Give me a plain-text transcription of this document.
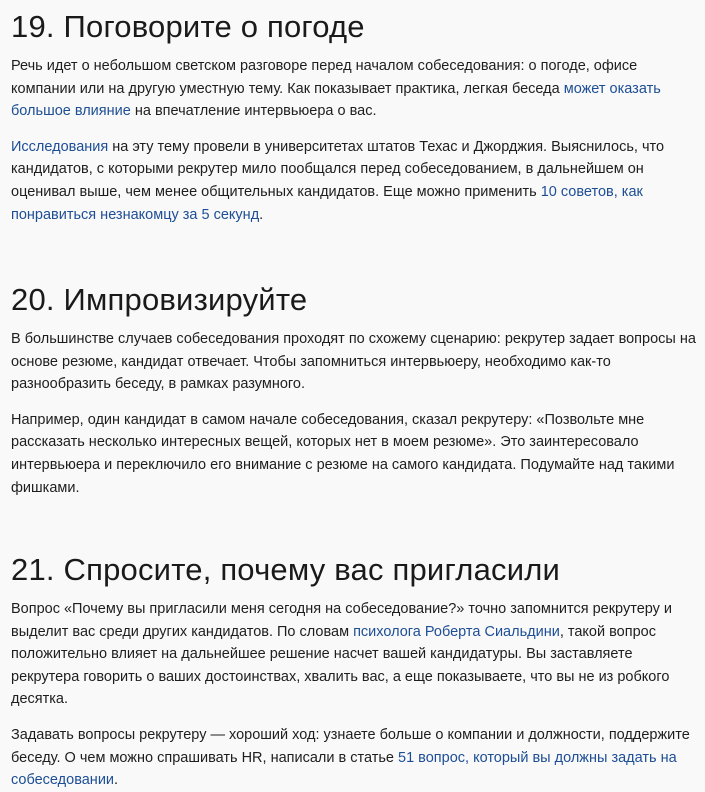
19. Поговорите о погоде

Речь идет о небольшом светском разговоре перед началом собеседования: о погоде, офисе компании или на другую уместную тему. Как показывает практика, легкая беседа может оказать большое влияние на впечатление интервьюера о вас.

Исследования на эту тему провели в университетах штатов Техас и Джорджия. Выяснилось, что кандидатов, с которыми рекрутер мило пообщался перед собеседованием, в дальнейшем он оценивал выше, чем менее общительных кандидатов. Еще можно применить 10 советов, как понравиться незнакомцу за 5 секунд.

20. Импровизируйте

В большинстве случаев собеседования проходят по схожему сценарию: рекрутер задает вопросы на основе резюме, кандидат отвечает. Чтобы запомниться интервьюеру, необходимо как-то разнообразить беседу, в рамках разумного.

Например, один кандидат в самом начале собеседования, сказал рекрутеру: «Позвольте мне рассказать несколько интересных вещей, которых нет в моем резюме». Это заинтересовало интервьюера и переключило его внимание с резюме на самого кандидата. Подумайте над такими фишками.

21. Спросите, почему вас пригласили

Вопрос «Почему вы пригласили меня сегодня на собеседование?» точно запомнится рекрутеру и выделит вас среди других кандидатов. По словам психолога Роберта Сиальдини, такой вопрос положительно влияет на дальнейшее решение насчет вашей кандидатуры. Вы заставляете рекрутера говорить о ваших достоинствах, хвалить вас, а еще показываете, что вы не из робкого десятка.

Задавать вопросы рекрутеру — хороший ход: узнаете больше о компании и должности, поддержите беседу. О чем можно спрашивать HR, написали в статье 51 вопрос, который вы должны задать на собеседовании.
